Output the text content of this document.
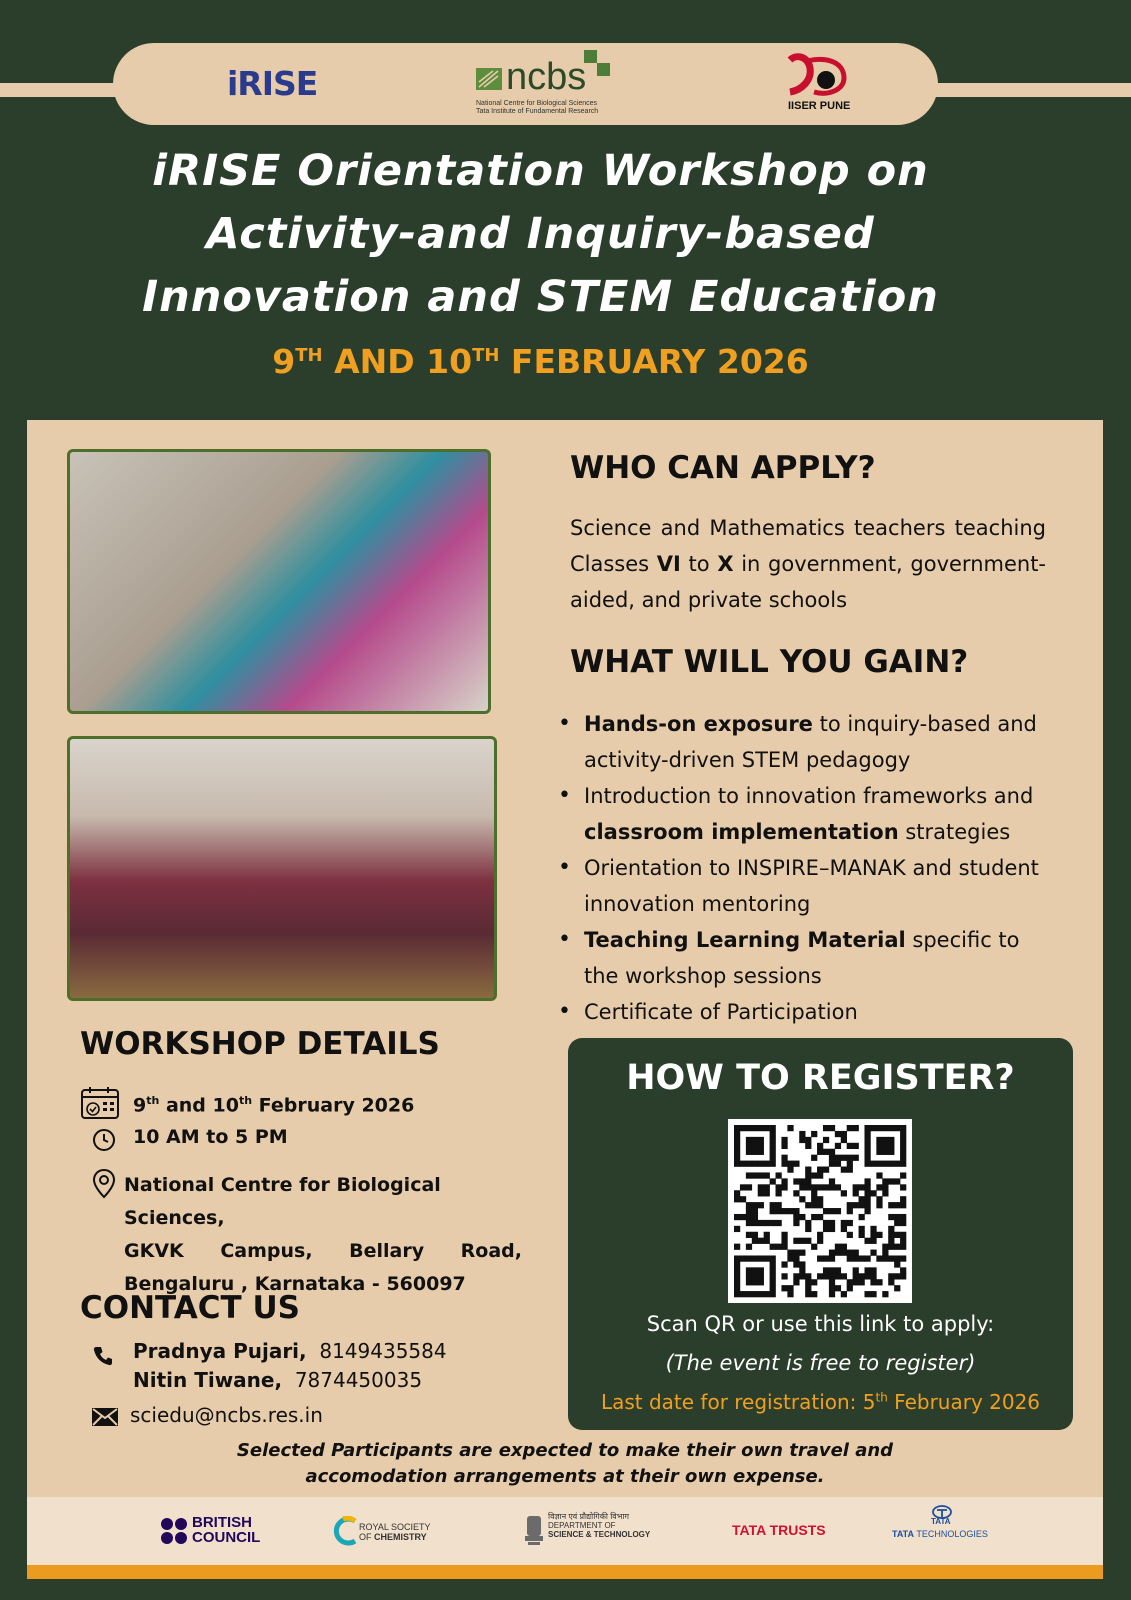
iRISE	ncbs
National Centre for Biological Sciences
Tata Institute of Fundamental Research	IISER PUNE
iRISE Orientation Workshop on
Activity-and Inquiry-based
Innovation and STEM Education
9TH AND 10TH FEBRUARY 2026
WHO CAN APPLY?
Science and Mathematics teachers teaching Classes VI to X in government, government-aided, and private schools
WHAT WILL YOU GAIN?
• Hands-on exposure to inquiry-based and activity-driven STEM pedagogy
• Introduction to innovation frameworks and classroom implementation strategies
• Orientation to INSPIRE–MANAK and student innovation mentoring
• Teaching Learning Material specific to the workshop sessions
• Certificate of Participation
WORKSHOP DETAILS
9th and 10th February 2026
10 AM to 5 PM
National Centre for Biological Sciences,
GKVK Campus, Bellary Road,
Bengaluru , Karnataka - 560097
CONTACT US
Pradnya Pujari, 8149435584
Nitin Tiwane, 7874450035
sciedu@ncbs.res.in
HOW TO REGISTER?
Scan QR or use this link to apply:
(The event is free to register)
Last date for registration: 5th February 2026
Selected Participants are expected to make their own travel and
accomodation arrangements at their own expense.
BRITISH
COUNCIL
ROYAL SOCIETY
OF CHEMISTRY
विज्ञान एवं प्रौद्योगिकी विभाग
DEPARTMENT OF
SCIENCE & TECHNOLOGY	TATA TRUSTS
TATA
TATA TECHNOLOGIES
